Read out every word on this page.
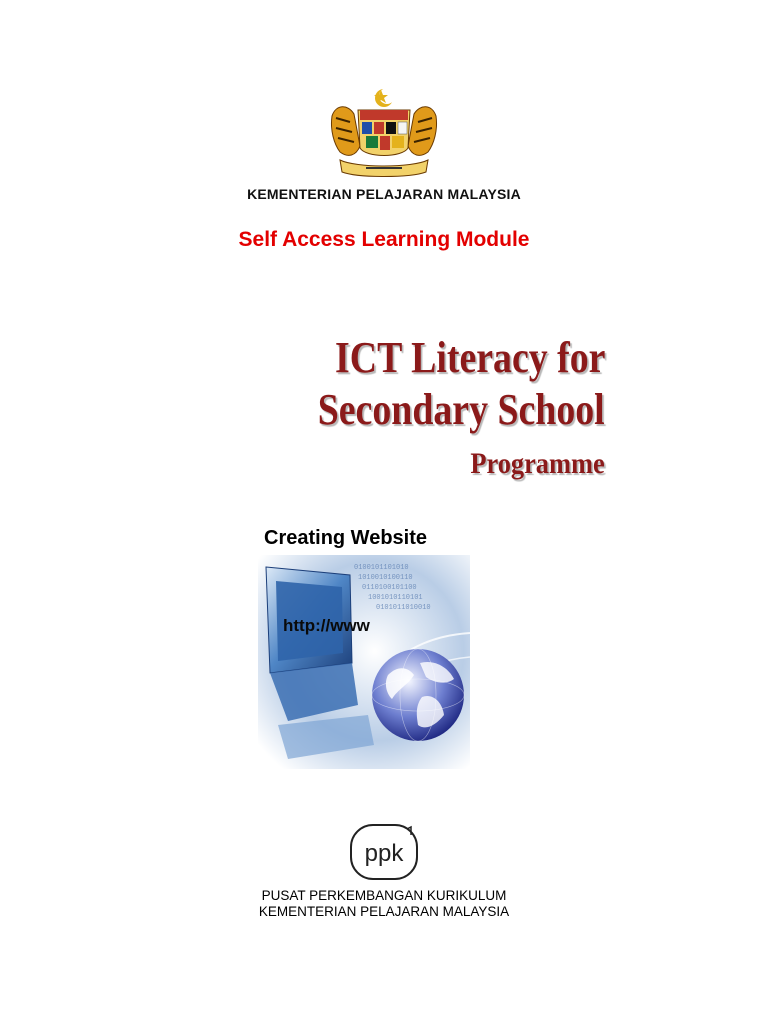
KEMENTERIAN PELAJARAN MALAYSIA
Self Access Learning Module
ICT Literacy for
Secondary School
Programme
Creating Website
0100101101010
1010010100110
0110100101100
1001010110101
0101011010010
http://www
ppk
PUSAT PERKEMBANGAN KURIKULUM
KEMENTERIAN PELAJARAN MALAYSIA
